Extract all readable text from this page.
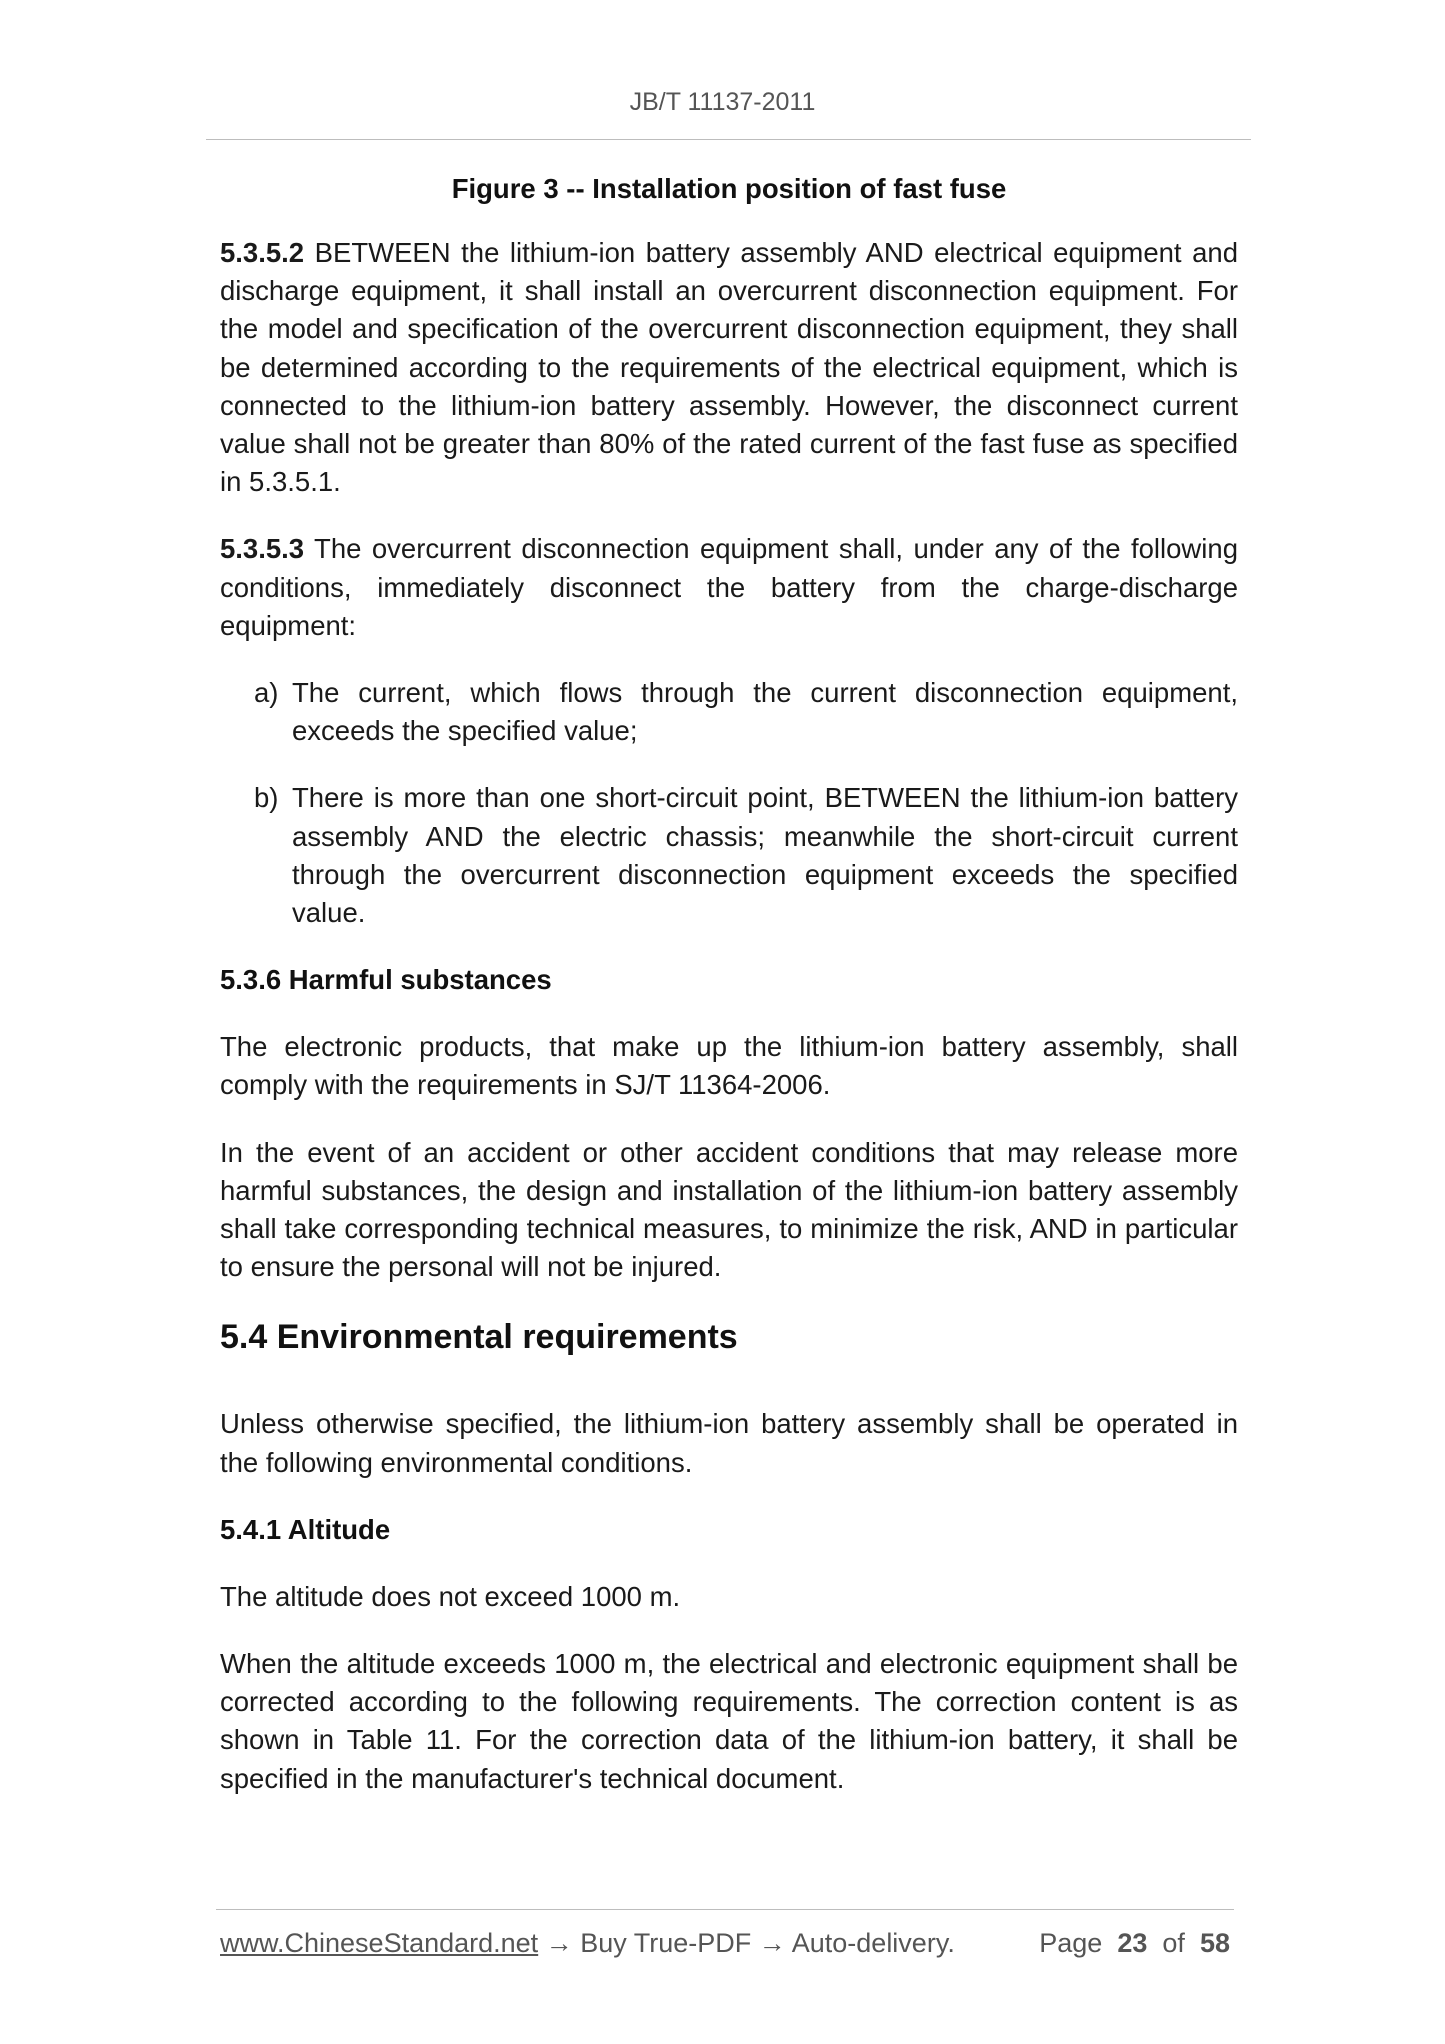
JB/T 11137-2011
Figure 3 -- Installation position of fast fuse

5.3.5.2 BETWEEN the lithium-ion battery assembly AND electrical equipment and discharge equipment, it shall install an overcurrent disconnection equipment. For the model and specification of the overcurrent disconnection equipment, they shall be determined according to the requirements of the electrical equipment, which is connected to the lithium-ion battery assembly. However, the disconnect current value shall not be greater than 80% of the rated current of the fast fuse as specified in 5.3.5.1.

5.3.5.3 The overcurrent disconnection equipment shall, under any of the following conditions, immediately disconnect the battery from the charge-discharge equipment:

a) The current, which flows through the current disconnection equipment, exceeds the specified value;

b) There is more than one short-circuit point, BETWEEN the lithium-ion battery assembly AND the electric chassis; meanwhile the short-circuit current through the overcurrent disconnection equipment exceeds the specified value.

5.3.6 Harmful substances

The electronic products, that make up the lithium-ion battery assembly, shall comply with the requirements in SJ/T 11364-2006.

In the event of an accident or other accident conditions that may release more harmful substances, the design and installation of the lithium-ion battery assembly shall take corresponding technical measures, to minimize the risk, AND in particular to ensure the personal will not be injured.

5.4 Environmental requirements

Unless otherwise specified, the lithium-ion battery assembly shall be operated in the following environmental conditions.

5.4.1 Altitude

The altitude does not exceed 1000 m.

When the altitude exceeds 1000 m, the electrical and electronic equipment shall be corrected according to the following requirements. The correction content is as shown in Table 11. For the correction data of the lithium-ion battery, it shall be specified in the manufacturer's technical document.

www.ChineseStandard.net → Buy True-PDF → Auto-delivery.	Page 23 of 58
